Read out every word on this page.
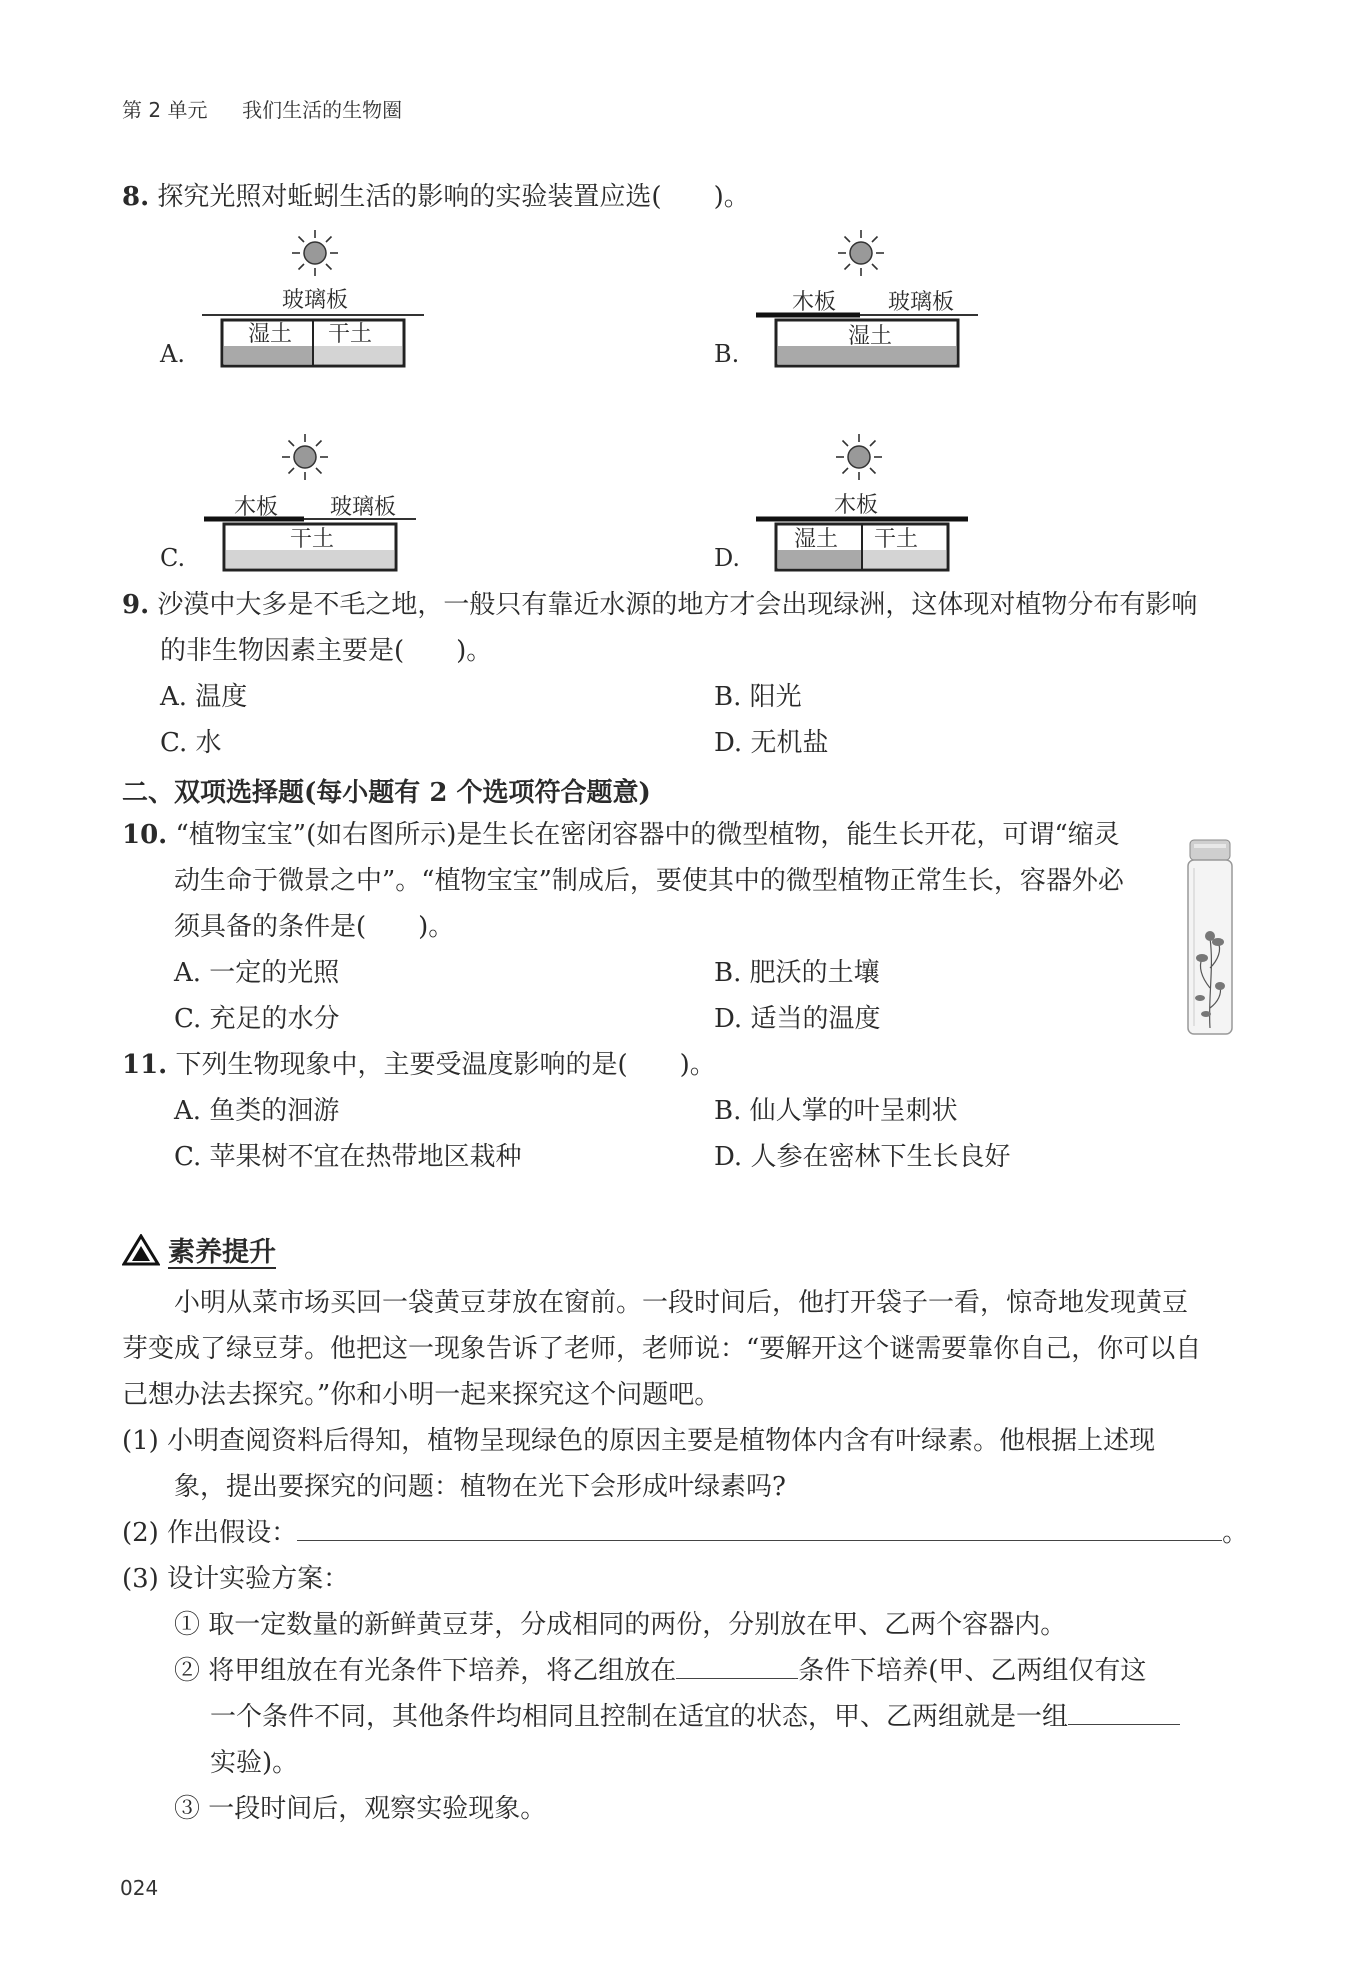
第 2 单元 我们生活的生物圈
8. 探究光照对蚯蚓生活的影响的实验装置应选(　　)。
玻璃板
湿土 干土
A.
木板 玻璃板
湿土
B.
木板 玻璃板
干土
C.
木板
湿土 干土
D.
9. 沙漠中大多是不毛之地，一般只有靠近水源的地方才会出现绿洲，这体现对植物分布有影响
的非生物因素主要是(　　)。
A. 温度	B. 阳光
C. 水	D. 无机盐
二、双项选择题(每小题有 2 个选项符合题意)
10. “植物宝宝”(如右图所示)是生长在密闭容器中的微型植物，能生长开花，可谓“缩灵
动生命于微景之中”。“植物宝宝”制成后，要使其中的微型植物正常生长，容器外必
须具备的条件是(　　)。
A. 一定的光照	B. 肥沃的土壤
C. 充足的水分	D. 适当的温度
11. 下列生物现象中，主要受温度影响的是(　　)。
A. 鱼类的洄游	B. 仙人掌的叶呈刺状
C. 苹果树不宜在热带地区栽种	D. 人参在密林下生长良好
素养提升
小明从菜市场买回一袋黄豆芽放在窗前。一段时间后，他打开袋子一看，惊奇地发现黄豆
芽变成了绿豆芽。他把这一现象告诉了老师，老师说：“要解开这个谜需要靠你自己，你可以自
己想办法去探究。”你和小明一起来探究这个问题吧。
(1) 小明查阅资料后得知，植物呈现绿色的原因主要是植物体内含有叶绿素。他根据上述现
象，提出要探究的问题：植物在光下会形成叶绿素吗?
(2) 作出假设：	。
(3) 设计实验方案：
① 取一定数量的新鲜黄豆芽，分成相同的两份，分别放在甲、乙两个容器内。
② 将甲组放在有光条件下培养，将乙组放在	条件下培养(甲、乙两组仅有这
一个条件不同，其他条件均相同且控制在适宜的状态，甲、乙两组就是一组
实验)。
③ 一段时间后，观察实验现象。
024
